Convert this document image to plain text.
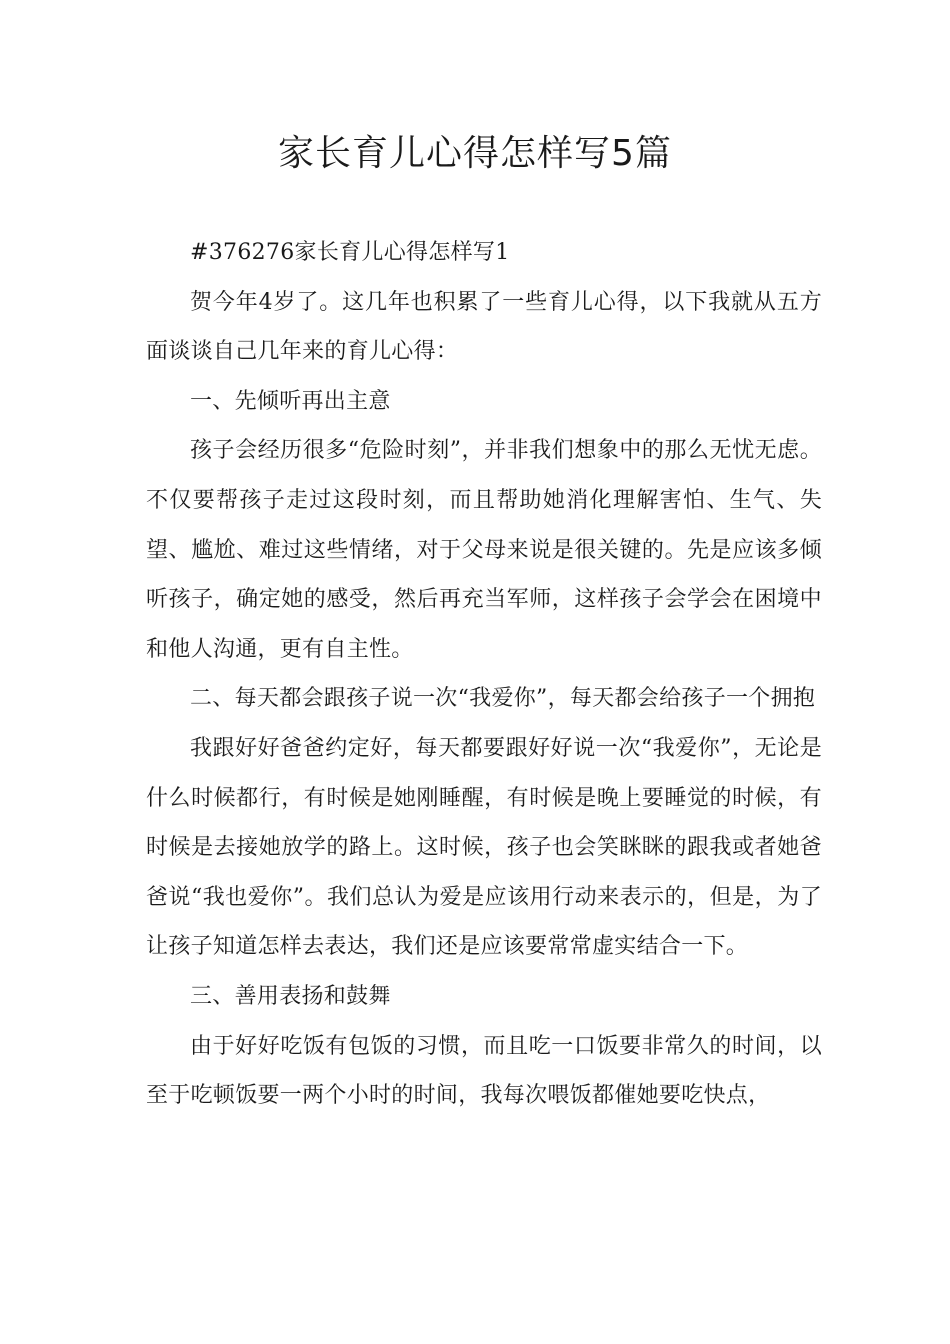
家长育儿心得怎样写5篇

#376276家长育儿心得怎样写1

贺今年4岁了。这几年也积累了一些育儿心得，以下我就从五方面谈谈自己几年来的育儿心得：

一、先倾听再出主意

孩子会经历很多“危险时刻”，并非我们想象中的那么无忧无虑。不仅要帮孩子走过这段时刻，而且帮助她消化理解害怕、生气、失望、尴尬、难过这些情绪，对于父母来说是很关键的。先是应该多倾听孩子，确定她的感受，然后再充当军师，这样孩子会学会在困境中和他人沟通，更有自主性。

二、每天都会跟孩子说一次“我爱你”，每天都会给孩子一个拥抱

我跟好好爸爸约定好，每天都要跟好好说一次“我爱你”，无论是什么时候都行，有时候是她刚睡醒，有时候是晚上要睡觉的时候，有时候是去接她放学的路上。这时候，孩子也会笑眯眯的跟我或者她爸爸说“我也爱你”。我们总认为爱是应该用行动来表示的，但是，为了让孩子知道怎样去表达，我们还是应该要常常虚实结合一下。

三、善用表扬和鼓舞

由于好好吃饭有包饭的习惯，而且吃一口饭要非常久的时间，以至于吃顿饭要一两个小时的时间，我每次喂饭都催她要吃快点，
